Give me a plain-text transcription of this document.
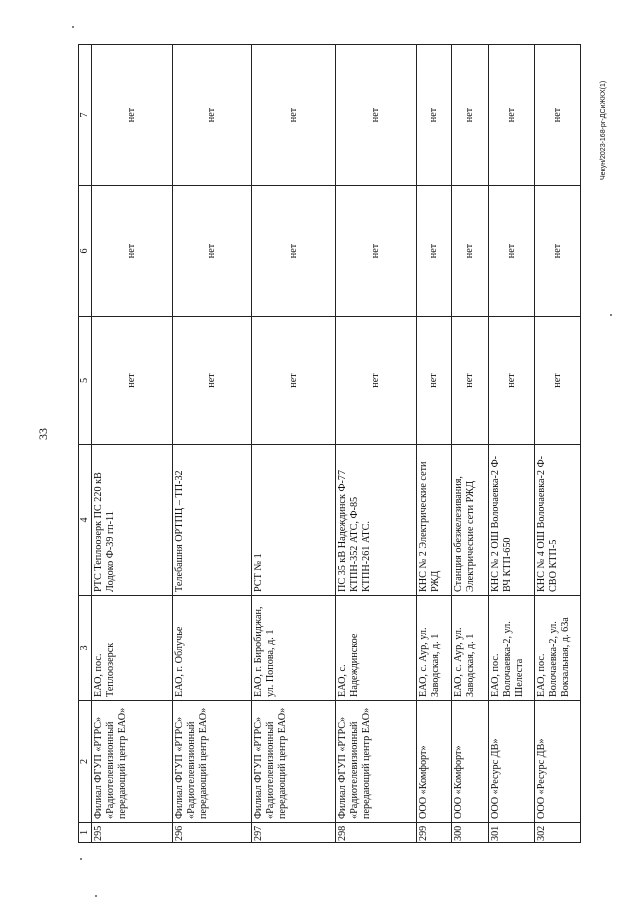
33
Чекун/2023-168-рг-ДСиЖКХ(1)
1	2	3	4	5	6	7
295	Филиал ФГУП «РТРС» «Радиотелевизионный передающий центр ЕАО»	ЕАО, пос. Теплоозерск	РТС Теплоозерк ПС 220 кВ Лодоко Ф-39 гп-11	нет	нет	нет
296	Филиал ФГУП «РТРС» «Радиотелевизионный передающий центр ЕАО»	ЕАО, г. Облучье	Телебашня ОРТПЦ – ТП-32	нет	нет	нет
297	Филиал ФГУП «РТРС» «Радиотелевизионный передающий центр ЕАО»	ЕАО, г. Биробиджан, ул. Попова, д. 1	РСТ № 1	нет	нет	нет
298	Филиал ФГУП «РТРС» «Радиотелевизионный передающий центр ЕАО»	ЕАО, с. Надеждинское	ПС 35 кВ Надеждинск Ф-77 КТПН-352 АТС, Ф-85 КТПН-261 АТС.	нет	нет	нет
299	ООО «Комфорт»	ЕАО, с. Аур, ул. Заводская, д. 1	КНС № 2 Электрические сети РЖД	нет	нет	нет
300	ООО «Комфорт»	ЕАО, с. Аур, ул. Заводская, д. 1	Станция обезжелезивания, Электрические сети РЖД	нет	нет	нет
301	ООО «Ресурс ДВ»	ЕАО, пос. Волочаевка-2, ул. Шелеста	КНС № 2 ОШ Волочаевка-2 Ф-ВЧ КТП-650	нет	нет	нет
302	ООО «Ресурс ДВ»	ЕАО, пос. Волочаевка-2, ул. Вокзальная, д. 63а	КНС № 4 ОШ Волочаевка-2 Ф-СВО КТП-5	нет	нет	нет
